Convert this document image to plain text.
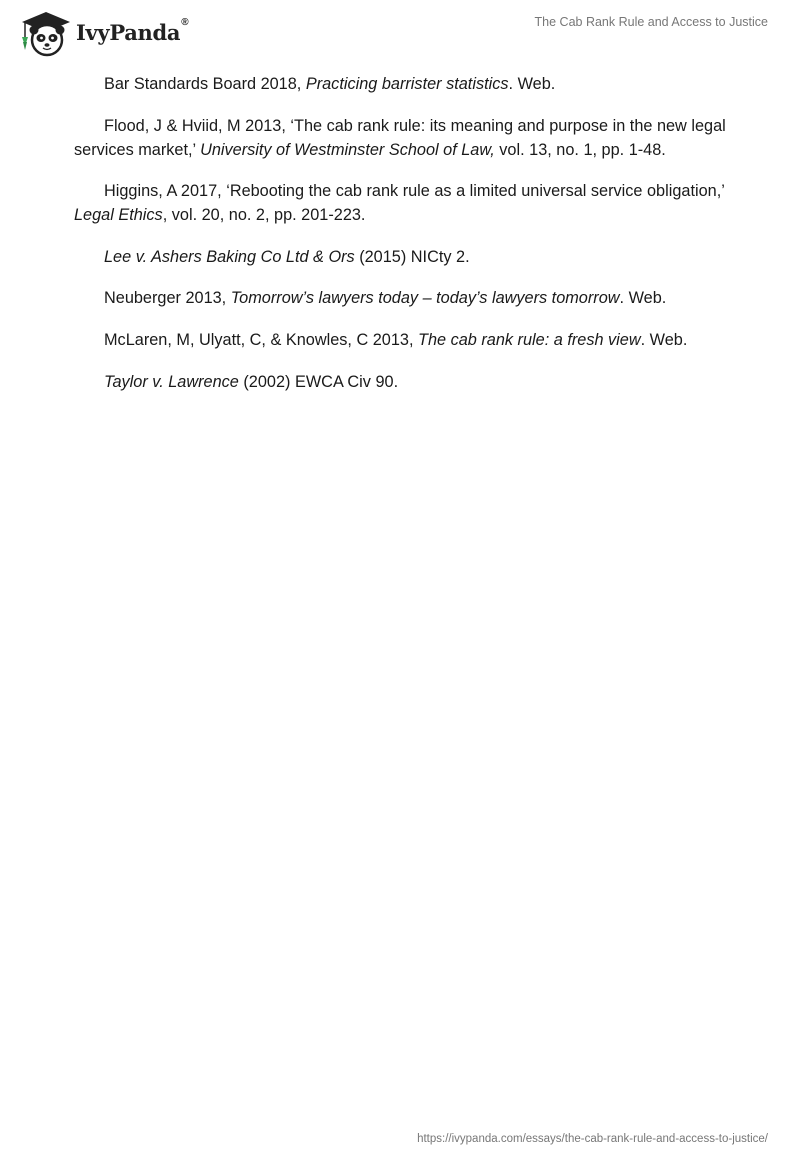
IvyPanda®	The Cab Rank Rule and Access to Justice

Bar Standards Board 2018, Practicing barrister statistics. Web.

Flood, J & Hviid, M 2013, ‘The cab rank rule: its meaning and purpose in the new legal services market,’ University of Westminster School of Law, vol. 13, no. 1, pp. 1-48.

Higgins, A 2017, ‘Rebooting the cab rank rule as a limited universal service obligation,’ Legal Ethics, vol. 20, no. 2, pp. 201-223.

Lee v. Ashers Baking Co Ltd & Ors (2015) NICty 2.

Neuberger 2013, Tomorrow’s lawyers today – today’s lawyers tomorrow. Web.

McLaren, M, Ulyatt, C, & Knowles, C 2013, The cab rank rule: a fresh view. Web.

Taylor v. Lawrence (2002) EWCA Civ 90.

https://ivypanda.com/essays/the-cab-rank-rule-and-access-to-justice/
